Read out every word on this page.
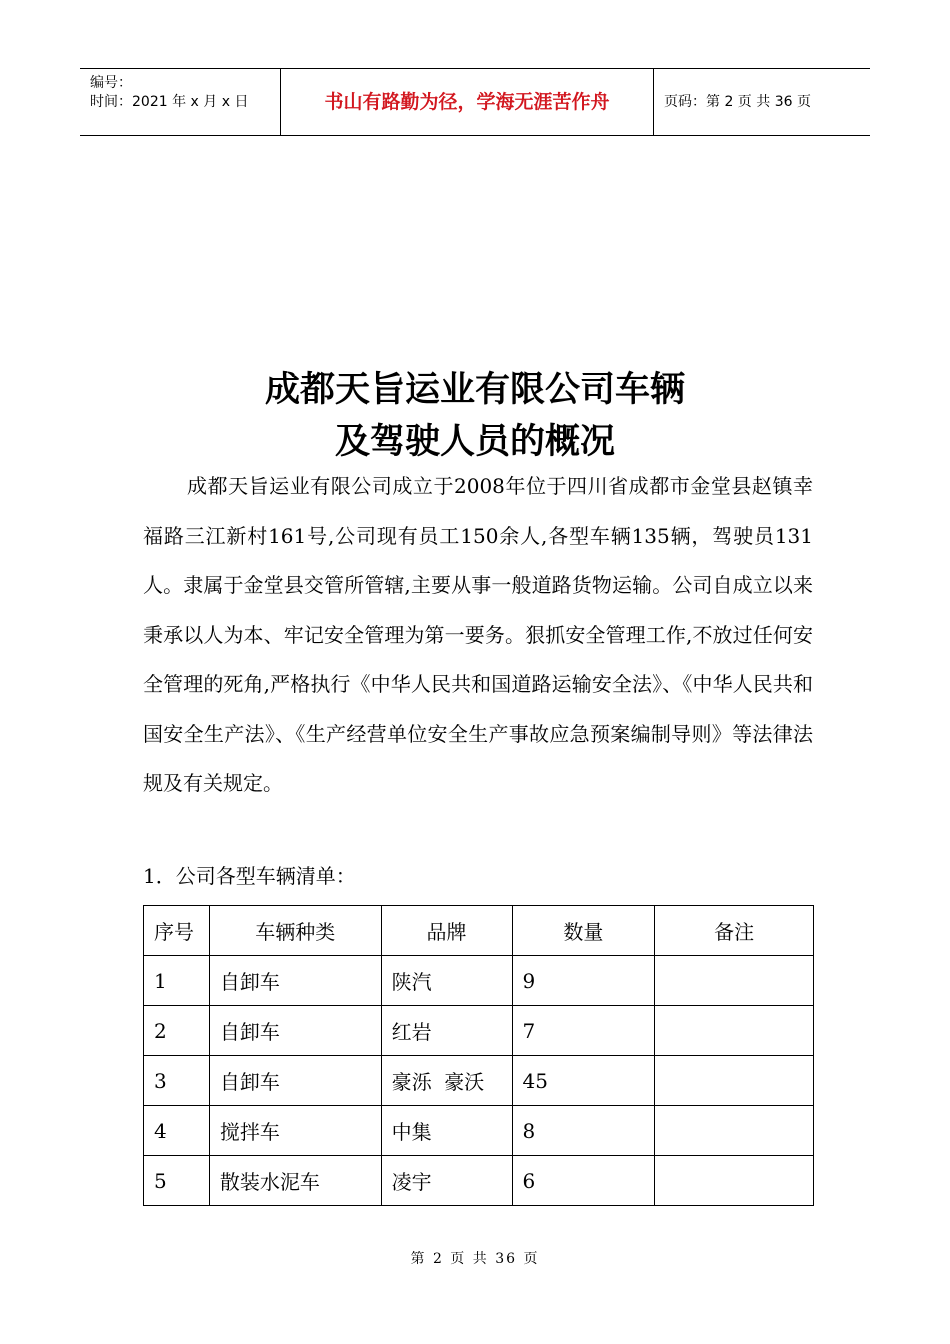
编号：
时间：2021 年 x 月 x 日	书山有路勤为径，学海无涯苦作舟	页码：第 2 页 共 36 页
成都天旨运业有限公司车辆
及驾驶人员的概况
成都天旨运业有限公司成立于2008年位于四川省成都市金堂县赵镇幸福路三江新村161号,公司现有员工150余人,各型车辆135辆，驾驶员131人。隶属于金堂县交管所管辖,主要从事一般道路货物运输。公司自成立以来秉承以人为本、牢记安全管理为第一要务。狠抓安全管理工作,不放过任何安全管理的死角,严格执行《中华人民共和国道路运输安全法》、《中华人民共和国安全生产法》、《生产经营单位安全生产事故应急预案编制导则》等法律法规及有关规定。
1．公司各型车辆清单：
序号	车辆种类	品牌	数量	备注
1	自卸车	陕汽	9	
2	自卸车	红岩	7	
3	自卸车	豪泺  豪沃	45	
4	搅拌车	中集	8	
5	散装水泥车	凌宇	6	
第 2 页 共 36 页
